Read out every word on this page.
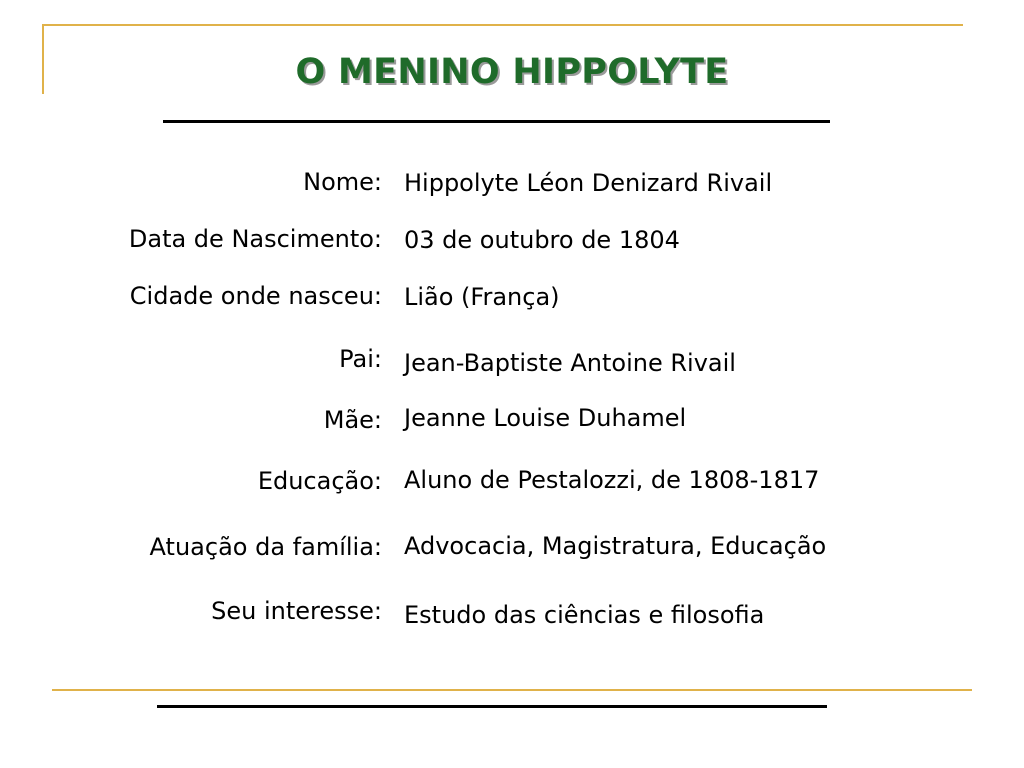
O MENINO HIPPOLYTE
Nome: Hippolyte Léon Denizard Rivail
Data de Nascimento: 03 de outubro de 1804
Cidade onde nasceu: Lião (França)
Pai: Jean-Baptiste Antoine Rivail
Mãe: Jeanne Louise Duhamel
Educação: Aluno de Pestalozzi, de 1808-1817
Atuação da família: Advocacia, Magistratura, Educação
Seu interesse: Estudo das ciências e filosofia
